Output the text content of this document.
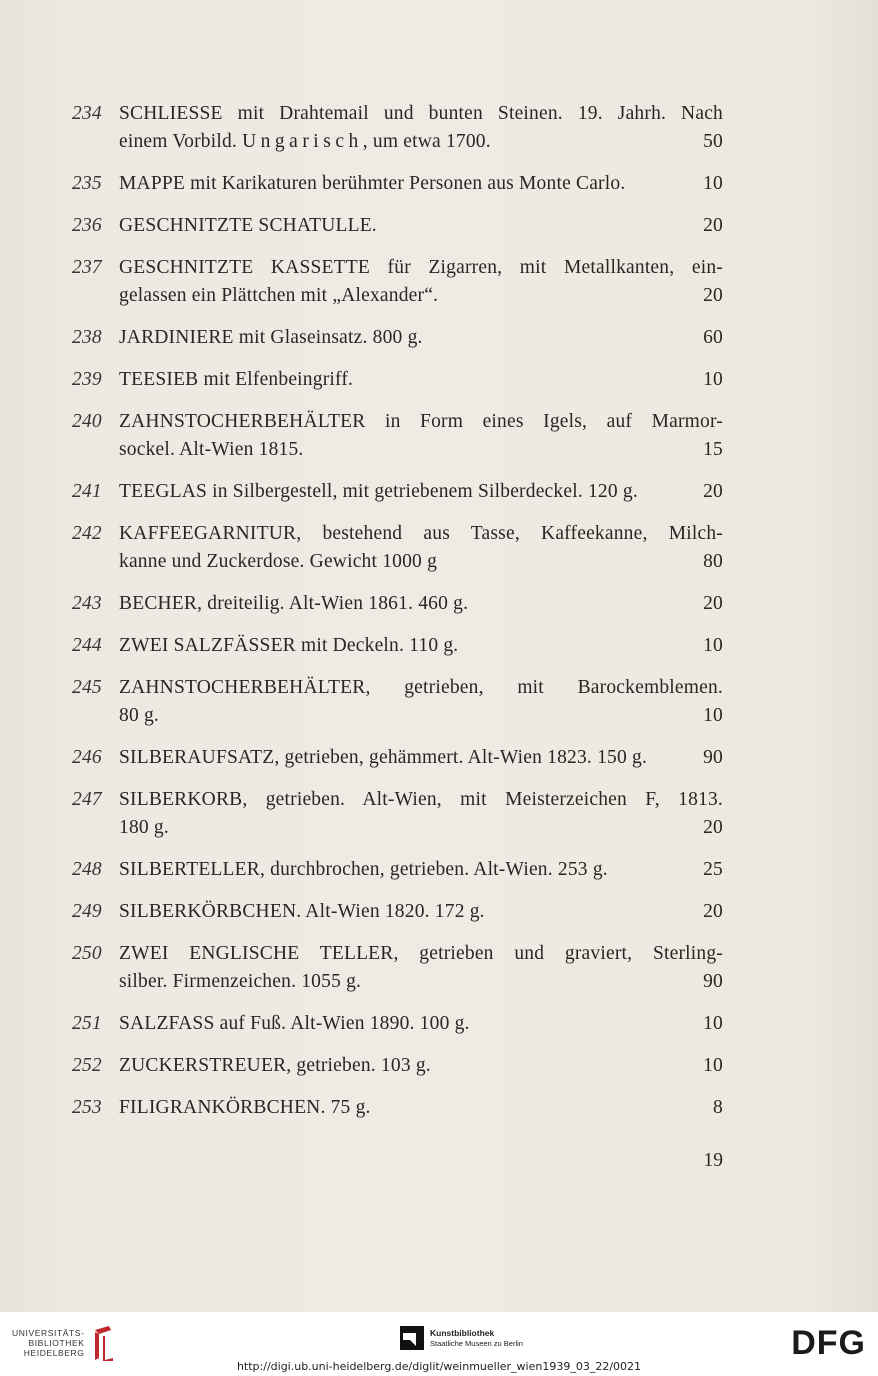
234 SCHLIESSE mit Drahtemail und bunten Steinen. 19. Jahrh. Nach
einem Vorbild. Ungarisch, um etwa 1700.	50
235 MAPPE mit Karikaturen berühmter Personen aus Monte Carlo.	10
236 GESCHNITZTE SCHATULLE.	20
237 GESCHNITZTE KASSETTE für Zigarren, mit Metallkanten, ein-
gelassen ein Plättchen mit „Alexander“.	20
238 JARDINIERE mit Glaseinsatz. 800 g.	60
239 TEESIEB mit Elfenbeingriff.	10
240 ZAHNSTOCHERBEHÄLTER in Form eines Igels, auf Marmor-
sockel. Alt-Wien 1815.	15
241 TEEGLAS in Silbergestell, mit getriebenem Silberdeckel. 120 g.	20
242 KAFFEEGARNITUR, bestehend aus Tasse, Kaffeekanne, Milch-
kanne und Zuckerdose. Gewicht 1000 g	80
243 BECHER, dreiteilig. Alt-Wien 1861. 460 g.	20
244 ZWEI SALZFÄSSER mit Deckeln. 110 g.	10
245 ZAHNSTOCHERBEHÄLTER, getrieben, mit Barockemblemen.
80 g.	10
246 SILBERAUFSATZ, getrieben, gehämmert. Alt-Wien 1823. 150 g.	90
247 SILBERKORB, getrieben. Alt-Wien, mit Meisterzeichen F, 1813.
180 g.	20
248 SILBERTELLER, durchbrochen, getrieben. Alt-Wien. 253 g.	25
249 SILBERKÖRBCHEN. Alt-Wien 1820. 172 g.	20
250 ZWEI ENGLISCHE TELLER, getrieben und graviert, Sterling-
silber. Firmenzeichen. 1055 g.	90
251 SALZFASS auf Fuß. Alt-Wien 1890. 100 g.	10
252 ZUCKERSTREUER, getrieben. 103 g.	10
253 FILIGRANKÖRBCHEN. 75 g.	8
19
UNIVERSITÄTS-
BIBLIOTHEK
HEIDELBERG
Kunstbibliothek
Staatliche Museen zu Berlin	DFG
http://digi.ub.uni-heidelberg.de/diglit/weinmueller_wien1939_03_22/0021
